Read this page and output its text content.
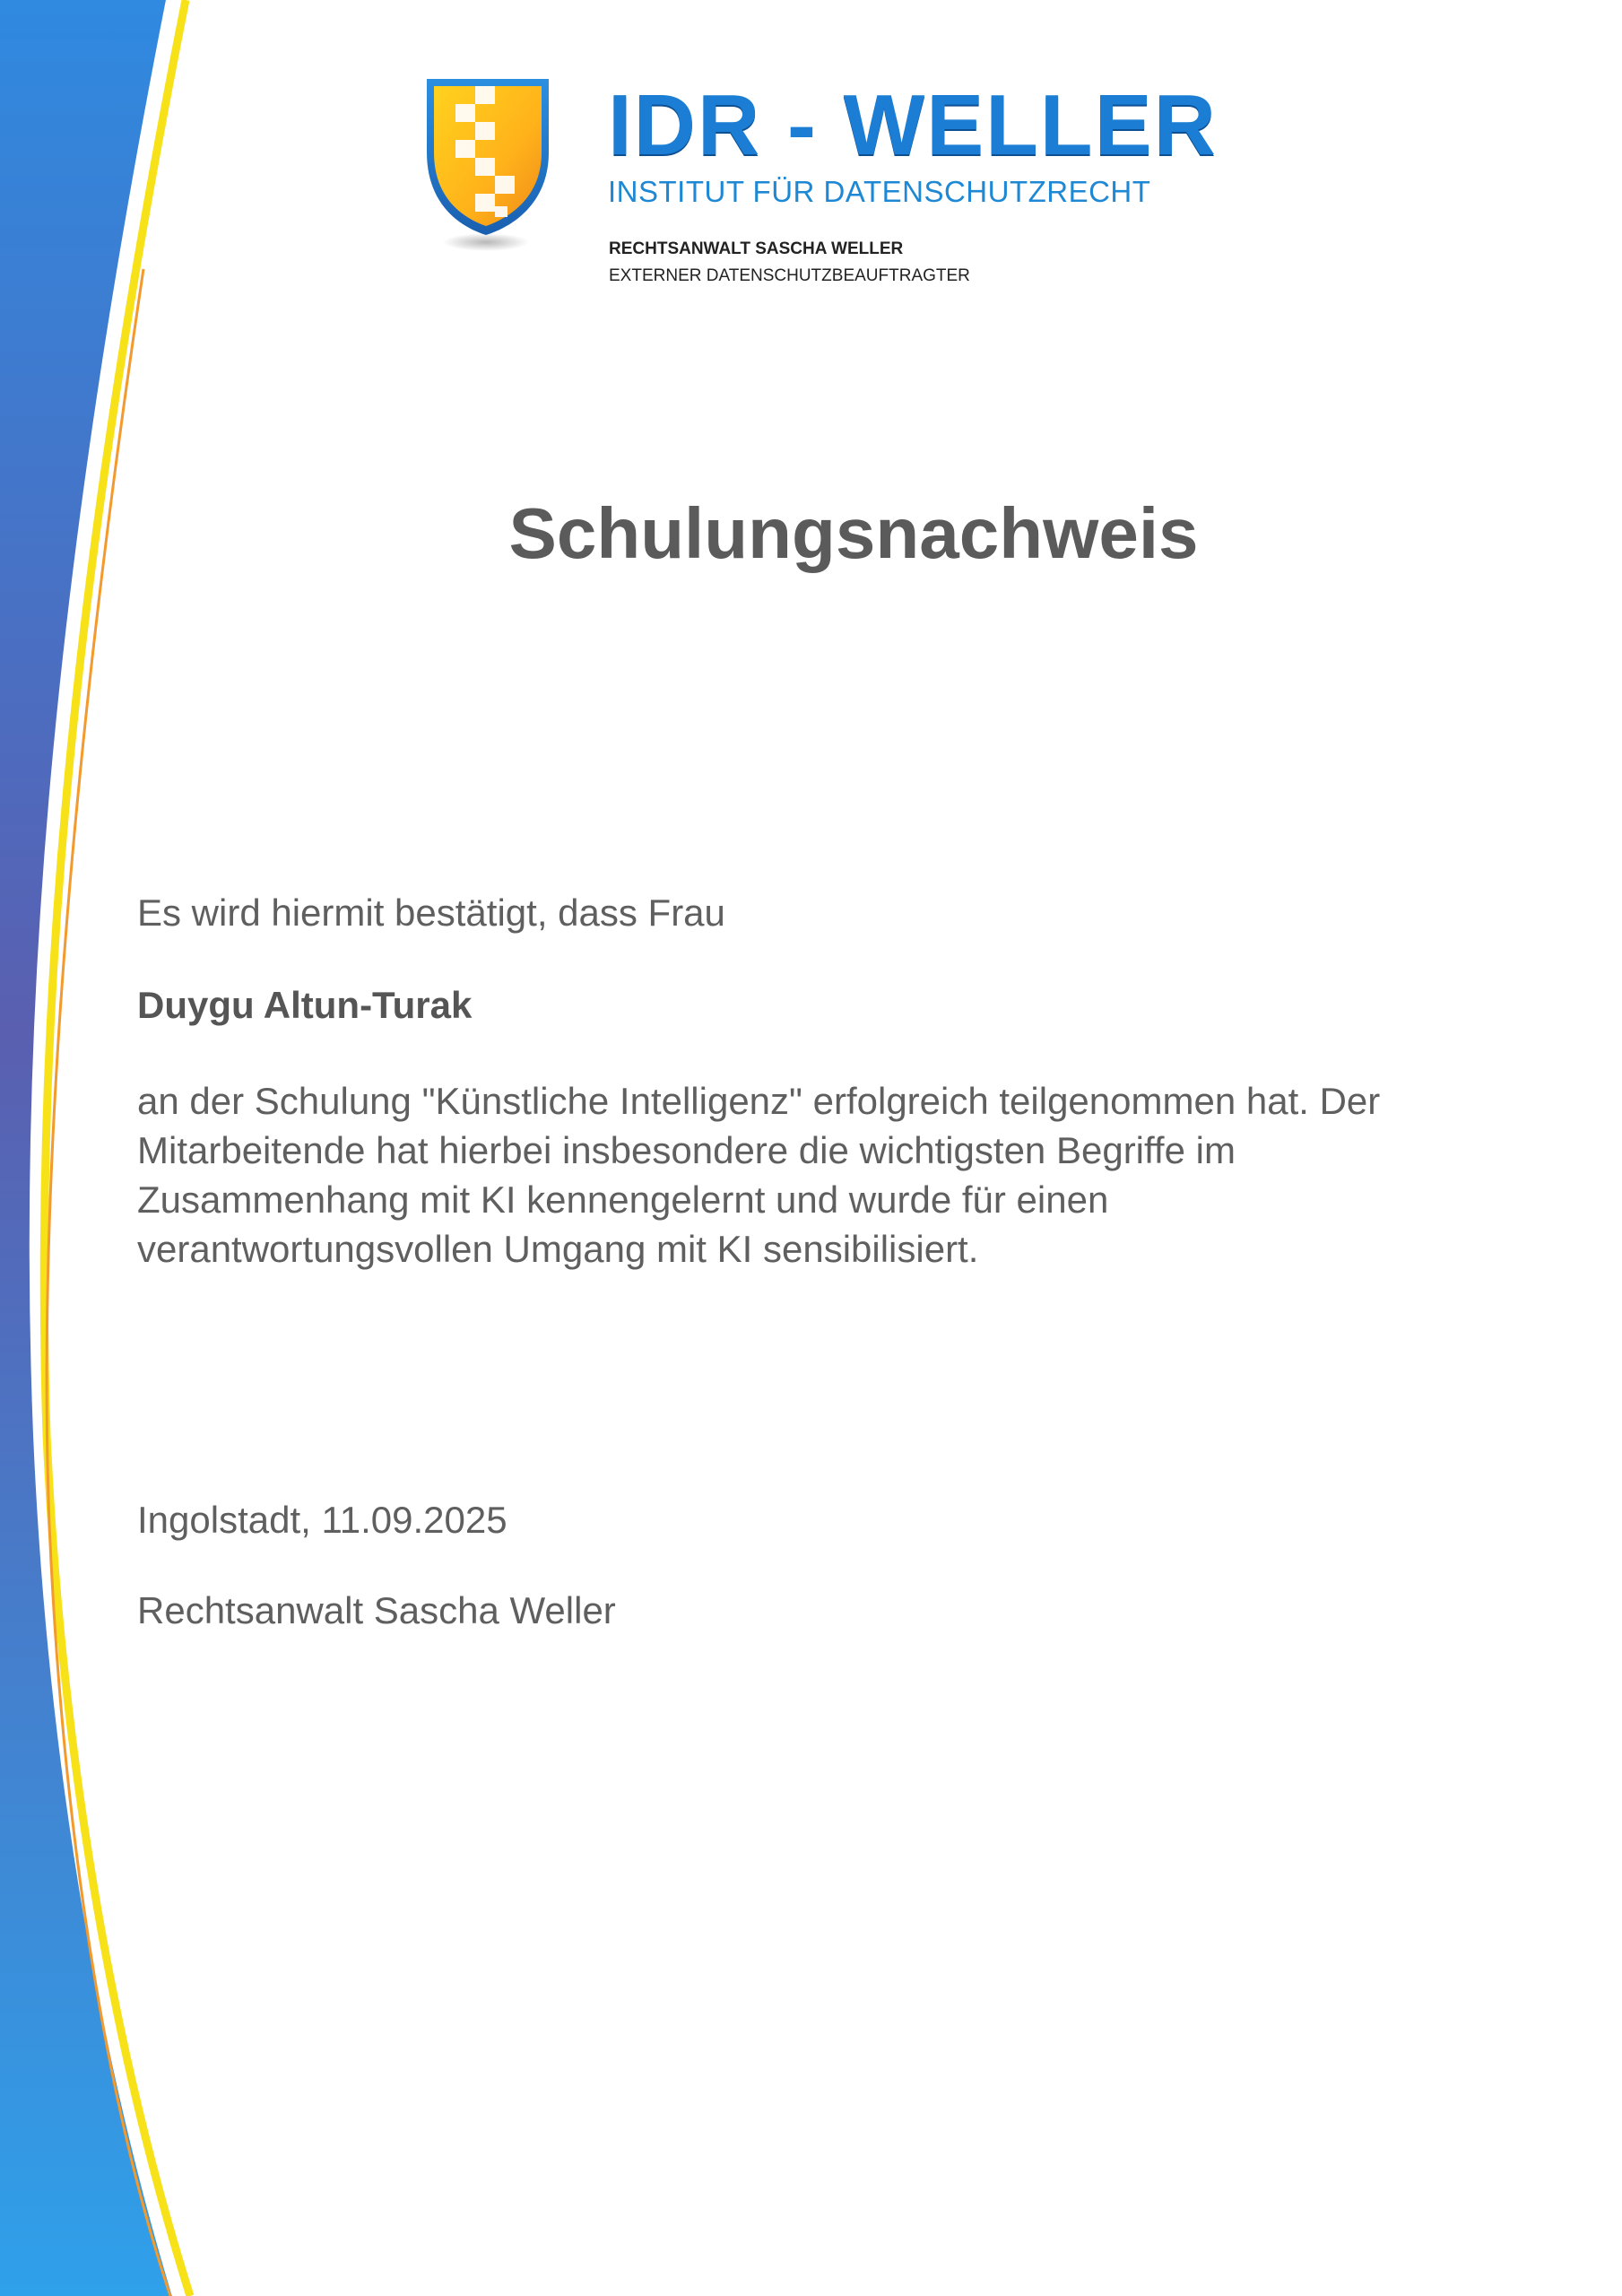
IDR - WELLER
INSTITUT FÜR DATENSCHUTZRECHT
RECHTSANWALT SASCHA WELLER
EXTERNER DATENSCHUTZBEAUFTRAGTER
Schulungsnachweis
Es wird hiermit bestätigt, dass Frau
Duygu Altun-Turak
an der Schulung "Künstliche Intelligenz" erfolgreich teilgenommen hat. Der
Mitarbeitende hat hierbei insbesondere die wichtigsten Begriffe im
Zusammenhang mit KI kennengelernt und wurde für einen
verantwortungsvollen Umgang mit KI sensibilisiert.
Ingolstadt, 11.09.2025
Rechtsanwalt Sascha Weller
